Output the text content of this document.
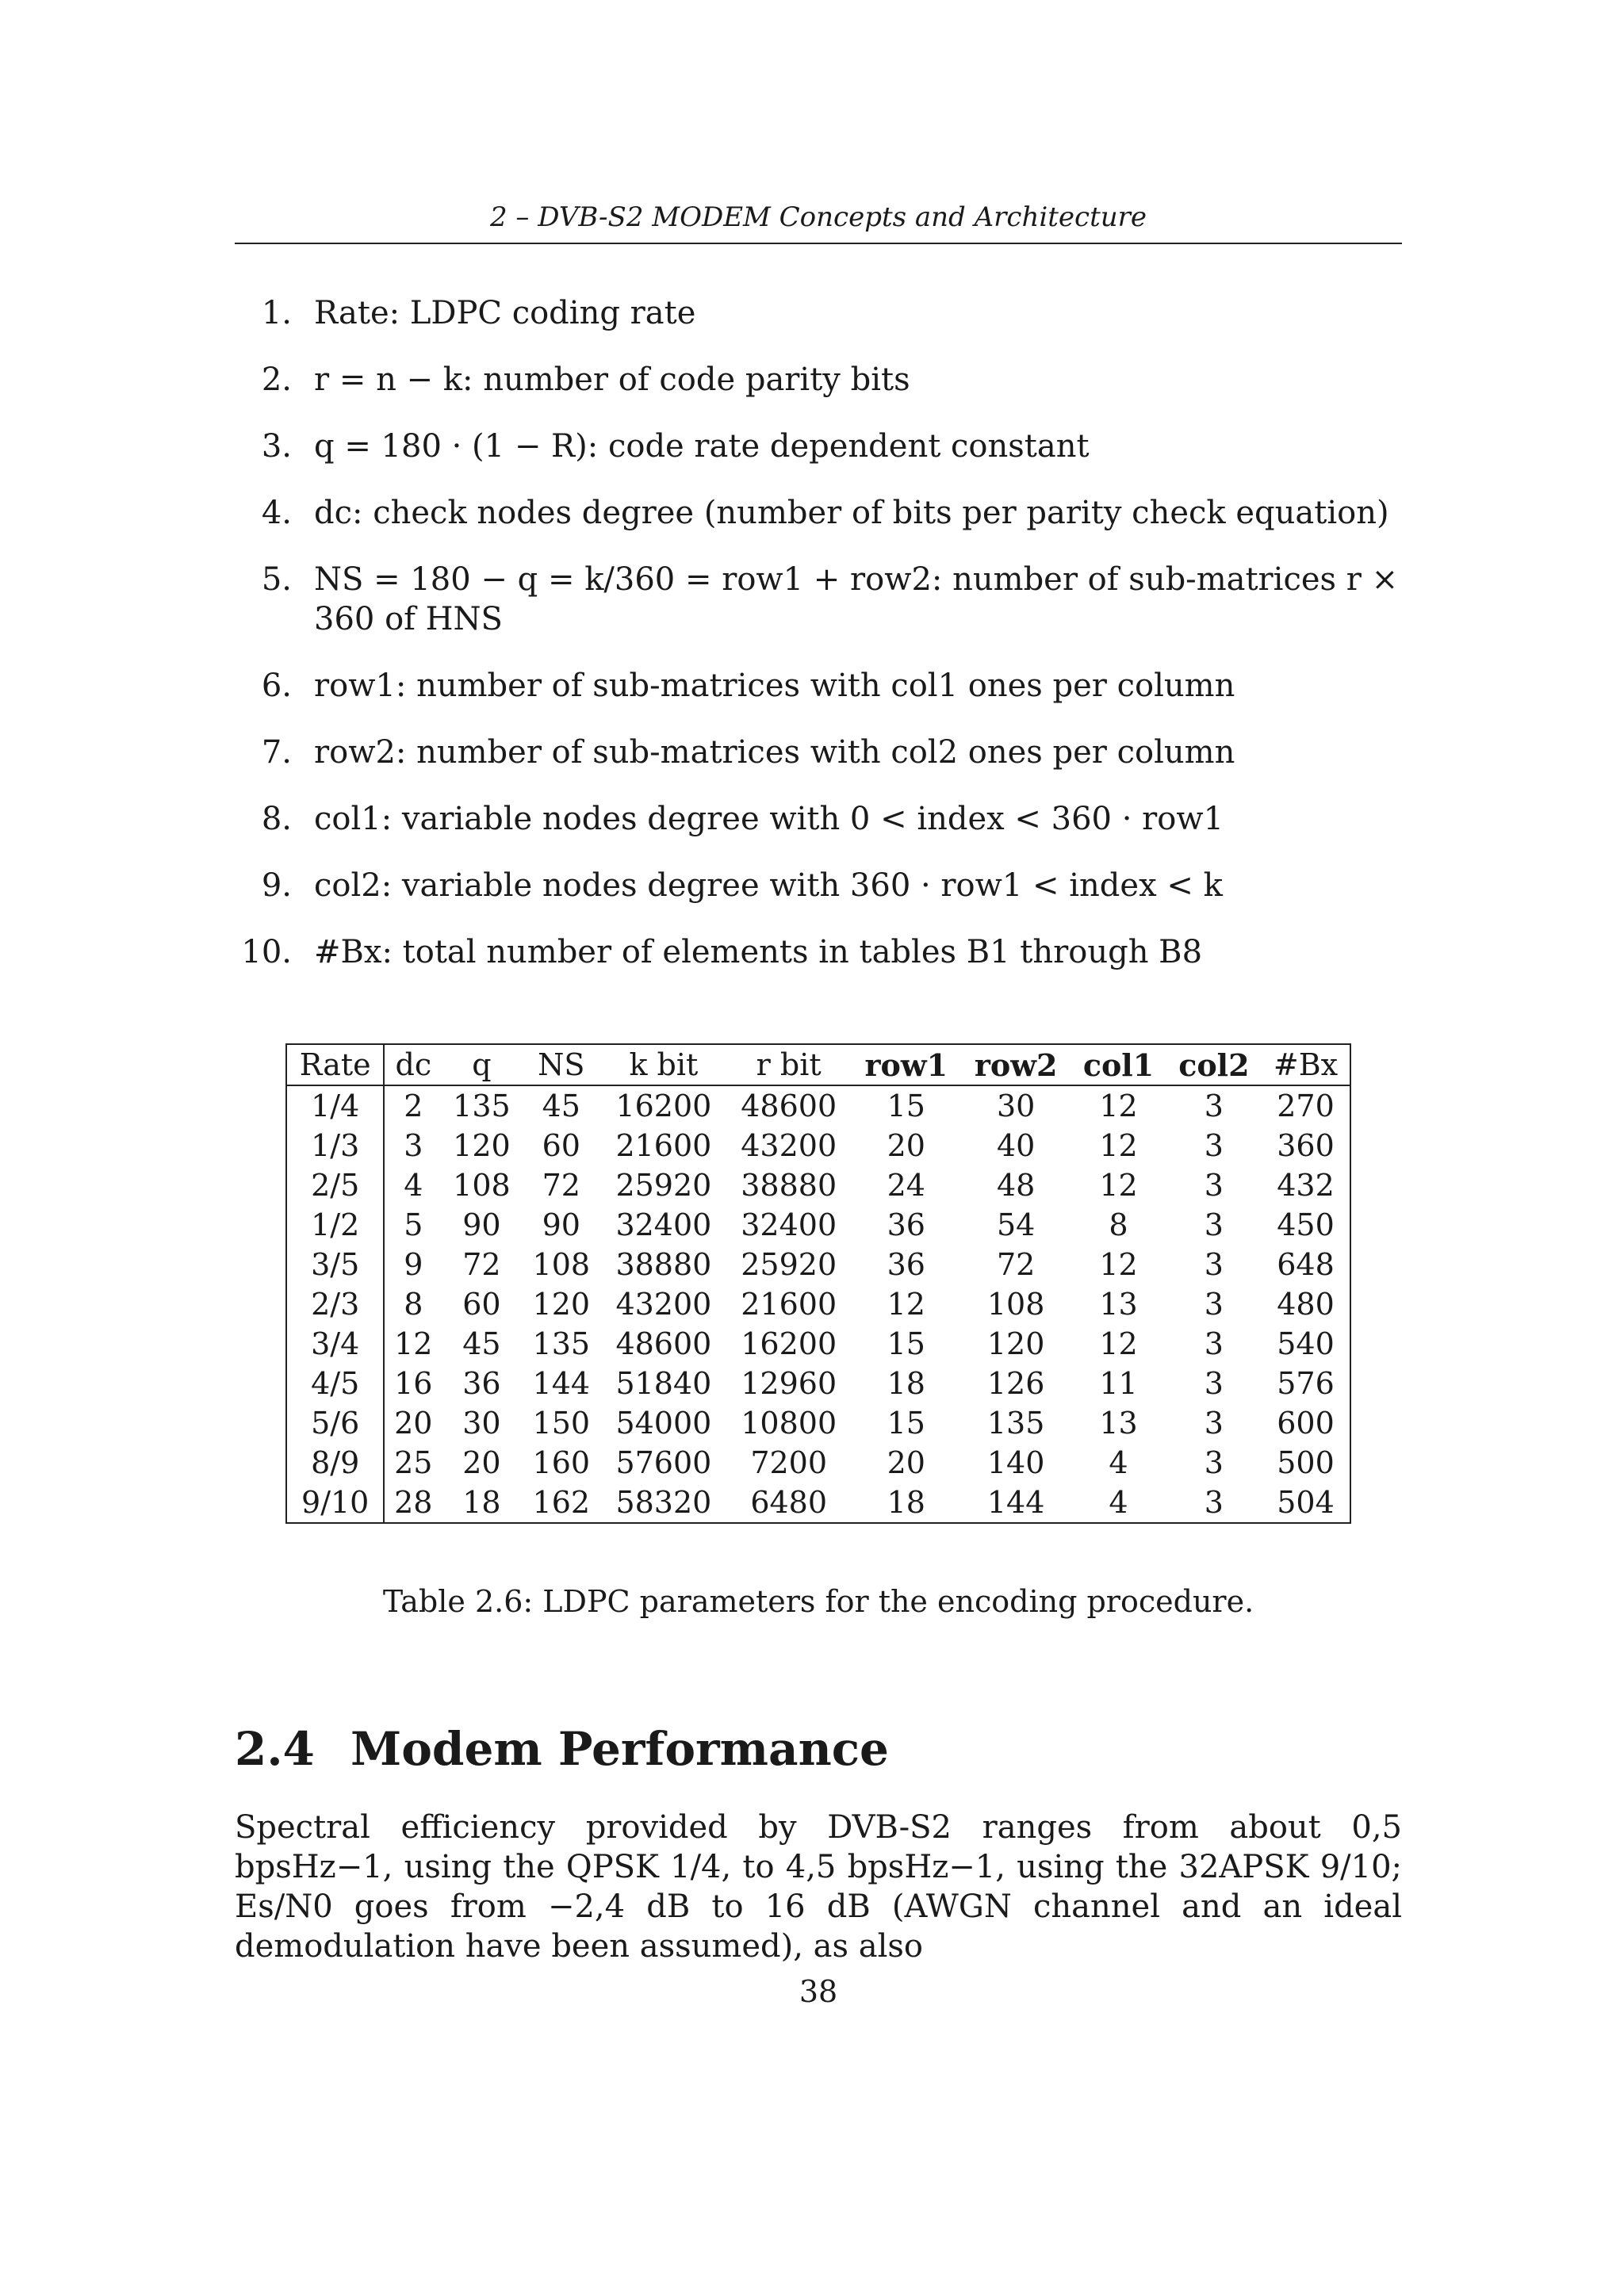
2 – DVB-S2 MODEM Concepts and Architecture
1. Rate: LDPC coding rate
2. r = n − k: number of code parity bits
3. q = 180 · (1 − R): code rate dependent constant
4. dc: check nodes degree (number of bits per parity check equation)
5. NS = 180 − q = k/360 = row1 + row2: number of sub-matrices r × 360 of HNS
6. row1: number of sub-matrices with col1 ones per column
7. row2: number of sub-matrices with col2 ones per column
8. col1: variable nodes degree with 0 < index < 360 · row1
9. col2: variable nodes degree with 360 · row1 < index < k
10. #Bx: total number of elements in tables B1 through B8
Rate	dc	q	NS	k bit	r bit	row1	row2	col1	col2	#Bx
1/4	2	135	45	16200	48600	15	30	12	3	270
1/3	3	120	60	21600	43200	20	40	12	3	360
2/5	4	108	72	25920	38880	24	48	12	3	432
1/2	5	90	90	32400	32400	36	54	8	3	450
3/5	9	72	108	38880	25920	36	72	12	3	648
2/3	8	60	120	43200	21600	12	108	13	3	480
3/4	12	45	135	48600	16200	15	120	12	3	540
4/5	16	36	144	51840	12960	18	126	11	3	576
5/6	20	30	150	54000	10800	15	135	13	3	600
8/9	25	20	160	57600	7200	20	140	4	3	500
9/10	28	18	162	58320	6480	18	144	4	3	504
Table 2.6: LDPC parameters for the encoding procedure.
2.4 Modem Performance
Spectral efficiency provided by DVB-S2 ranges from about 0,5 bpsHz−1, using the QPSK 1/4, to 4,5 bpsHz−1, using the 32APSK 9/10; Es/N0 goes from −2,4 dB to 16 dB (AWGN channel and an ideal demodulation have been assumed), as also
38
